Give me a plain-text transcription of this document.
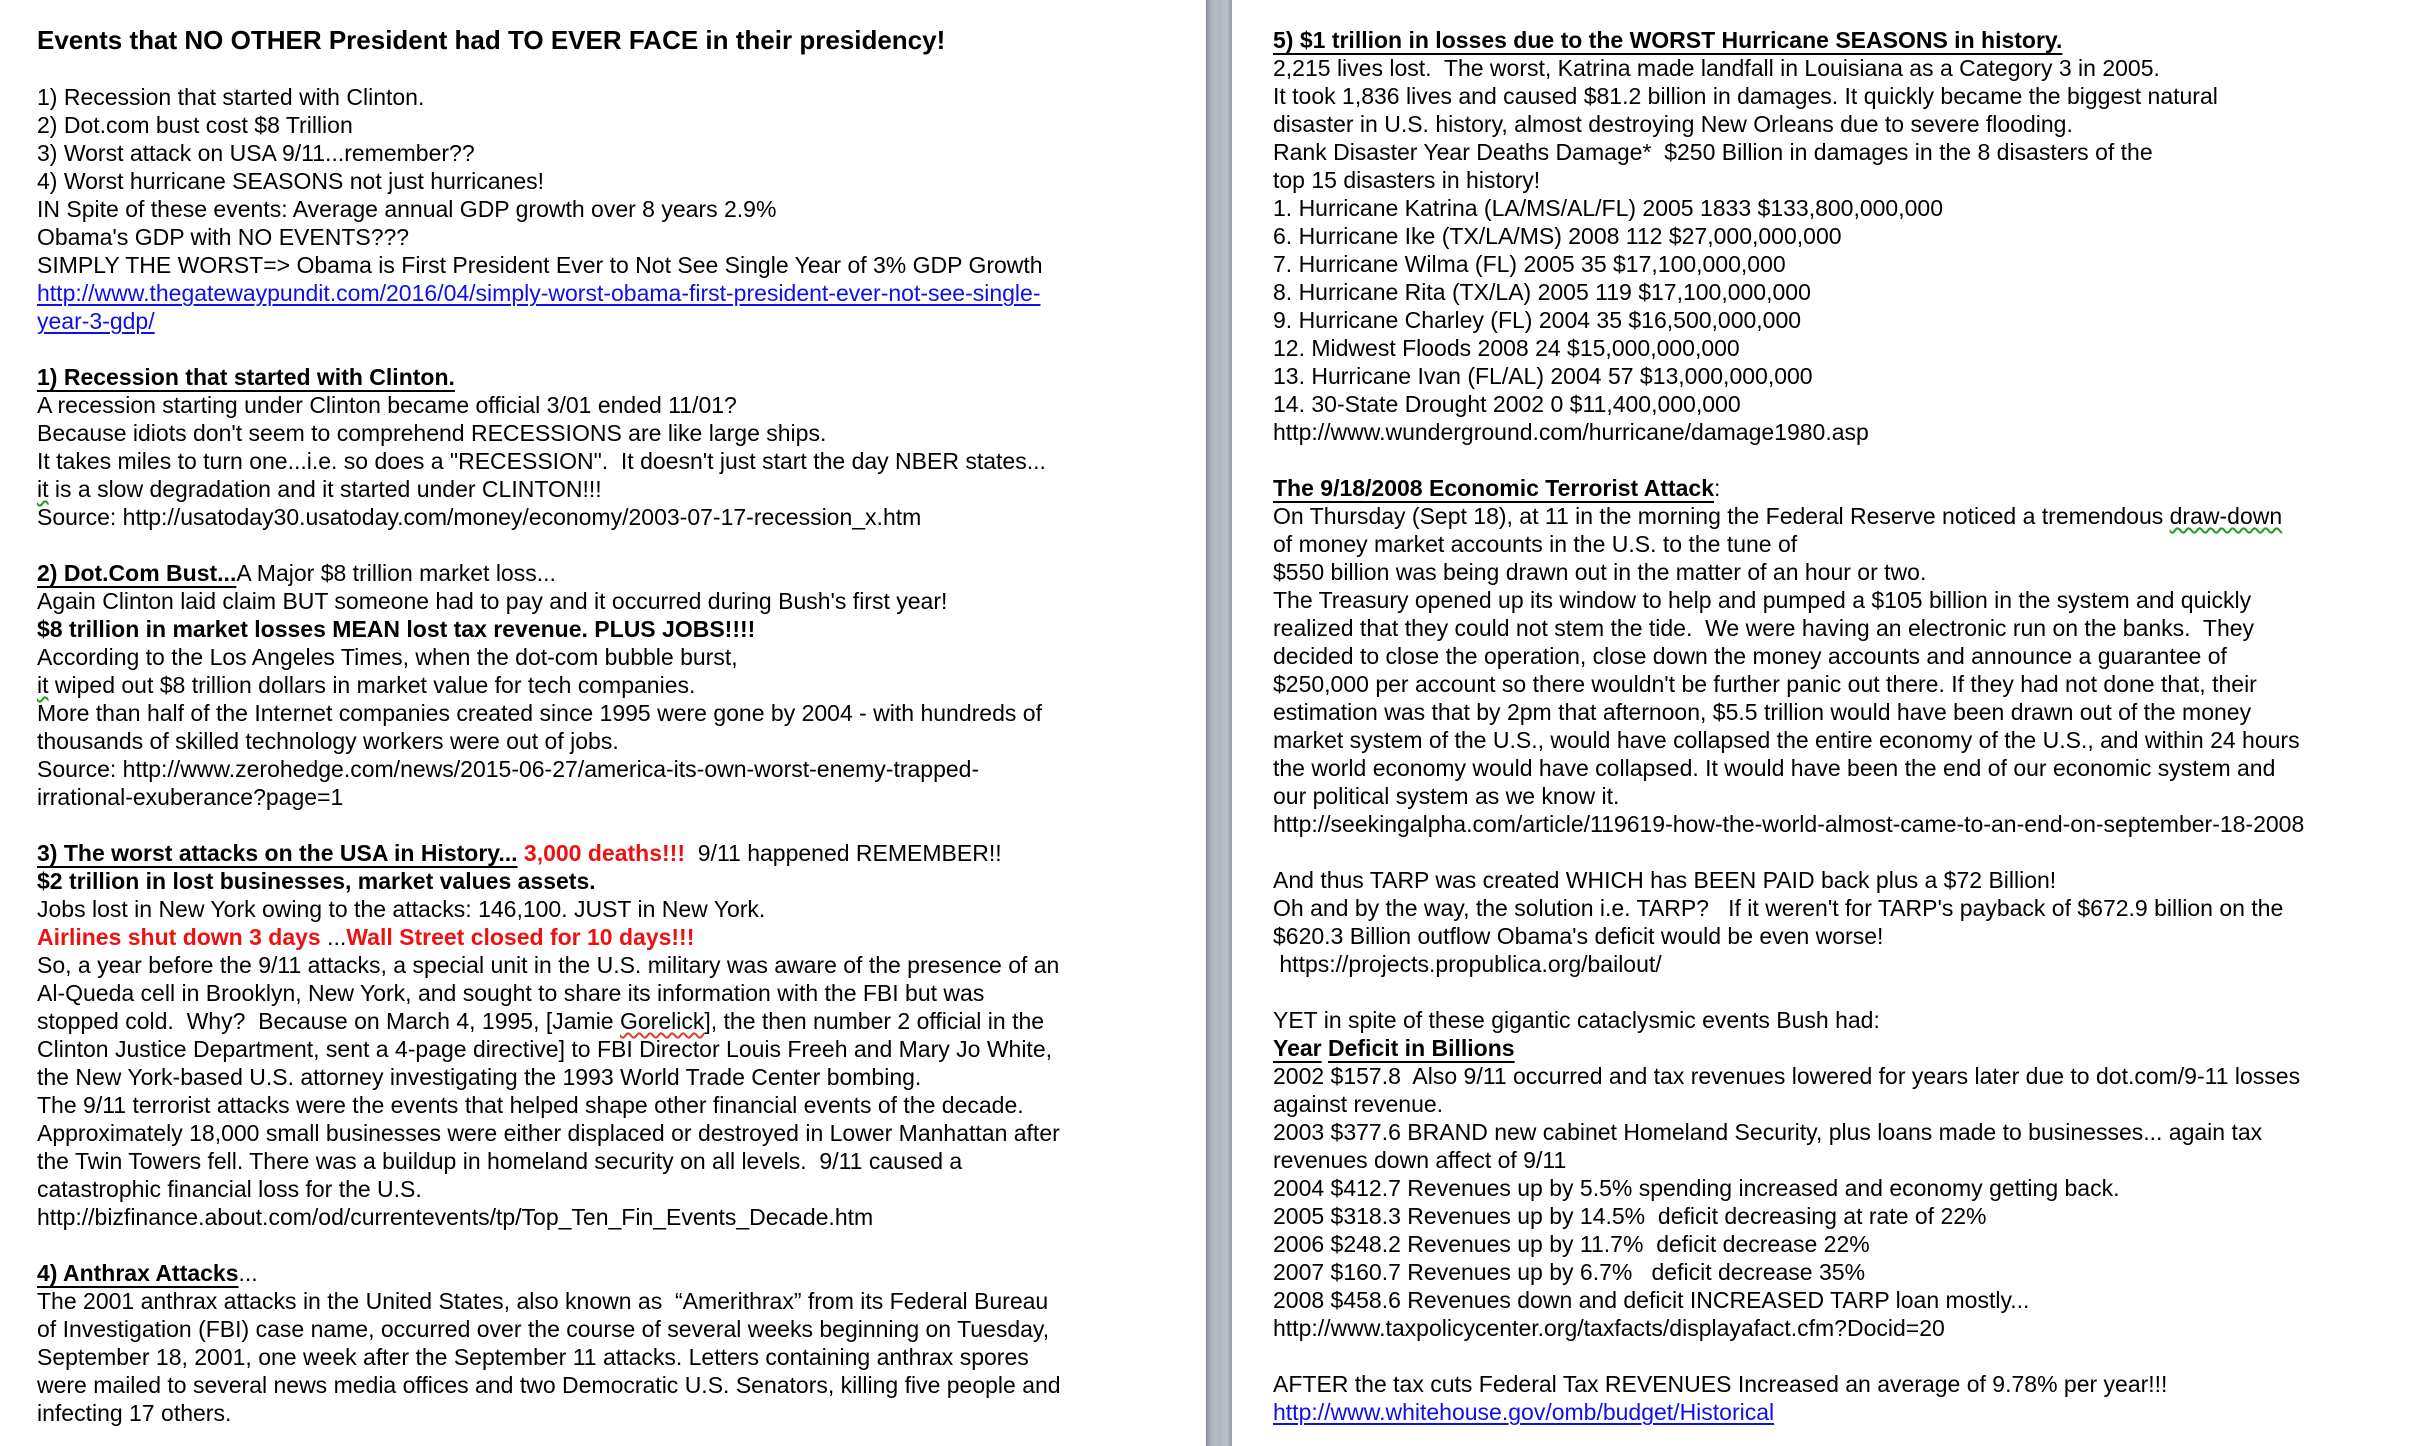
Events that NO OTHER President had TO EVER FACE in their presidency!

1) Recession that started with Clinton.
2) Dot.com bust cost $8 Trillion
3) Worst attack on USA 9/11...remember??
4) Worst hurricane SEASONS not just hurricanes!
IN Spite of these events: Average annual GDP growth over 8 years 2.9%
Obama's GDP with NO EVENTS???
SIMPLY THE WORST=> Obama is First President Ever to Not See Single Year of 3% GDP Growth
http://www.thegatewaypundit.com/2016/04/simply-worst-obama-first-president-ever-not-see-single-
year-3-gdp/

1) Recession that started with Clinton.
A recession starting under Clinton became official 3/01 ended 11/01?
Because idiots don't seem to comprehend RECESSIONS are like large ships.
It takes miles to turn one...i.e. so does a "RECESSION".  It doesn't just start the day NBER states...
it is a slow degradation and it started under CLINTON!!!
Source: http://usatoday30.usatoday.com/money/economy/2003-07-17-recession_x.htm

2) Dot.Com Bust...A Major $8 trillion market loss...
Again Clinton laid claim BUT someone had to pay and it occurred during Bush's first year!
$8 trillion in market losses MEAN lost tax revenue. PLUS JOBS!!!!
According to the Los Angeles Times, when the dot-com bubble burst,
it wiped out $8 trillion dollars in market value for tech companies.
More than half of the Internet companies created since 1995 were gone by 2004 - with hundreds of
thousands of skilled technology workers were out of jobs.
Source: http://www.zerohedge.com/news/2015-06-27/america-its-own-worst-enemy-trapped-
irrational-exuberance?page=1

3) The worst attacks on the USA in History... 3,000 deaths!!!  9/11 happened REMEMBER!!
$2 trillion in lost businesses, market values assets.
Jobs lost in New York owing to the attacks: 146,100. JUST in New York.
Airlines shut down 3 days ...Wall Street closed for 10 days!!!
So, a year before the 9/11 attacks, a special unit in the U.S. military was aware of the presence of an
Al-Queda cell in Brooklyn, New York, and sought to share its information with the FBI but was
stopped cold.  Why?  Because on March 4, 1995, [Jamie Gorelick], the then number 2 official in the
Clinton Justice Department, sent a 4-page directive] to FBI Director Louis Freeh and Mary Jo White,
the New York-based U.S. attorney investigating the 1993 World Trade Center bombing.
The 9/11 terrorist attacks were the events that helped shape other financial events of the decade.
Approximately 18,000 small businesses were either displaced or destroyed in Lower Manhattan after
the Twin Towers fell. There was a buildup in homeland security on all levels.  9/11 caused a
catastrophic financial loss for the U.S.
http://bizfinance.about.com/od/currentevents/tp/Top_Ten_Fin_Events_Decade.htm

4) Anthrax Attacks...
The 2001 anthrax attacks in the United States, also known as  “Amerithrax” from its Federal Bureau
of Investigation (FBI) case name, occurred over the course of several weeks beginning on Tuesday,
September 18, 2001, one week after the September 11 attacks. Letters containing anthrax spores
were mailed to several news media offices and two Democratic U.S. Senators, killing five people and
infecting 17 others.
5) $1 trillion in losses due to the WORST Hurricane SEASONS in history.
2,215 lives lost.  The worst, Katrina made landfall in Louisiana as a Category 3 in 2005.
It took 1,836 lives and caused $81.2 billion in damages. It quickly became the biggest natural
disaster in U.S. history, almost destroying New Orleans due to severe flooding.
Rank Disaster Year Deaths Damage*  $250 Billion in damages in the 8 disasters of the
top 15 disasters in history!
1. Hurricane Katrina (LA/MS/AL/FL) 2005 1833 $133,800,000,000
6. Hurricane Ike (TX/LA/MS) 2008 112 $27,000,000,000
7. Hurricane Wilma (FL) 2005 35 $17,100,000,000
8. Hurricane Rita (TX/LA) 2005 119 $17,100,000,000
9. Hurricane Charley (FL) 2004 35 $16,500,000,000
12. Midwest Floods 2008 24 $15,000,000,000
13. Hurricane Ivan (FL/AL) 2004 57 $13,000,000,000
14. 30-State Drought 2002 0 $11,400,000,000
http://www.wunderground.com/hurricane/damage1980.asp

The 9/18/2008 Economic Terrorist Attack:
On Thursday (Sept 18), at 11 in the morning the Federal Reserve noticed a tremendous draw-down
of money market accounts in the U.S. to the tune of
$550 billion was being drawn out in the matter of an hour or two.
The Treasury opened up its window to help and pumped a $105 billion in the system and quickly
realized that they could not stem the tide.  We were having an electronic run on the banks.  They
decided to close the operation, close down the money accounts and announce a guarantee of
$250,000 per account so there wouldn't be further panic out there. If they had not done that, their
estimation was that by 2pm that afternoon, $5.5 trillion would have been drawn out of the money
market system of the U.S., would have collapsed the entire economy of the U.S., and within 24 hours
the world economy would have collapsed. It would have been the end of our economic system and
our political system as we know it.
http://seekingalpha.com/article/119619-how-the-world-almost-came-to-an-end-on-september-18-2008

And thus TARP was created WHICH has BEEN PAID back plus a $72 Billion!
Oh and by the way, the solution i.e. TARP?   If it weren't for TARP's payback of $672.9 billion on the
$620.3 Billion outflow Obama's deficit would be even worse!
https://projects.propublica.org/bailout/

YET in spite of these gigantic cataclysmic events Bush had:
Year Deficit in Billions
2002 $157.8  Also 9/11 occurred and tax revenues lowered for years later due to dot.com/9-11 losses
against revenue.
2003 $377.6 BRAND new cabinet Homeland Security, plus loans made to businesses... again tax
revenues down affect of 9/11
2004 $412.7 Revenues up by 5.5% spending increased and economy getting back.
2005 $318.3 Revenues up by 14.5%  deficit decreasing at rate of 22%
2006 $248.2 Revenues up by 11.7%  deficit decrease 22%
2007 $160.7 Revenues up by 6.7%   deficit decrease 35%
2008 $458.6 Revenues down and deficit INCREASED TARP loan mostly...
http://www.taxpolicycenter.org/taxfacts/displayafact.cfm?Docid=20

AFTER the tax cuts Federal Tax REVENUES Increased an average of 9.78% per year!!!
http://www.whitehouse.gov/omb/budget/Historical
